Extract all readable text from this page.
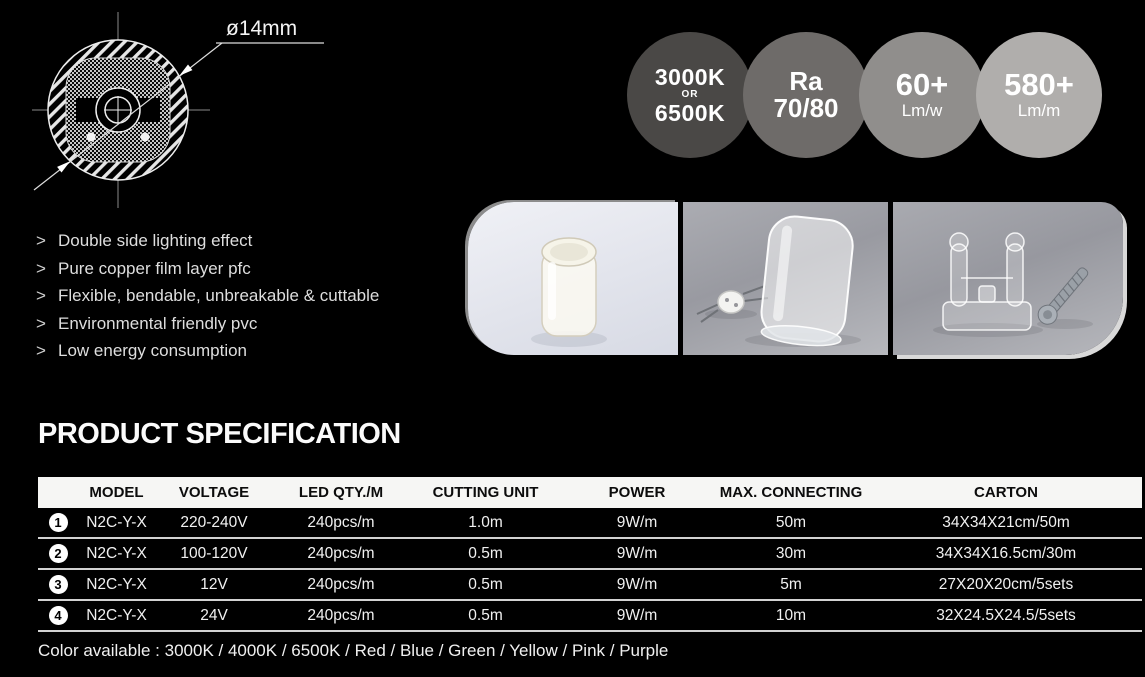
ø14mm
3000K
OR
6500K
Ra
70/80
60+
Lm/w
580+
Lm/m
> Double side lighting effect
> Pure copper film layer pfc
> Flexible, bendable, unbreakable & cuttable
> Environmental friendly pvc
> Low energy consumption
PRODUCT SPECIFICATION
	MODEL	VOLTAGE	LED QTY./M	CUTTING UNIT	POWER	MAX. CONNECTING	CARTON
1	N2C-Y-X	220-240V	240pcs/m	1.0m	9W/m	50m	34X34X21cm/50m
2	N2C-Y-X	100-120V	240pcs/m	0.5m	9W/m	30m	34X34X16.5cm/30m
3	N2C-Y-X	12V	240pcs/m	0.5m	9W/m	5m	27X20X20cm/5sets
4	N2C-Y-X	24V	240pcs/m	0.5m	9W/m	10m	32X24.5X24.5/5sets
Color available : 3000K / 4000K / 6500K / Red / Blue / Green / Yellow / Pink / Purple
